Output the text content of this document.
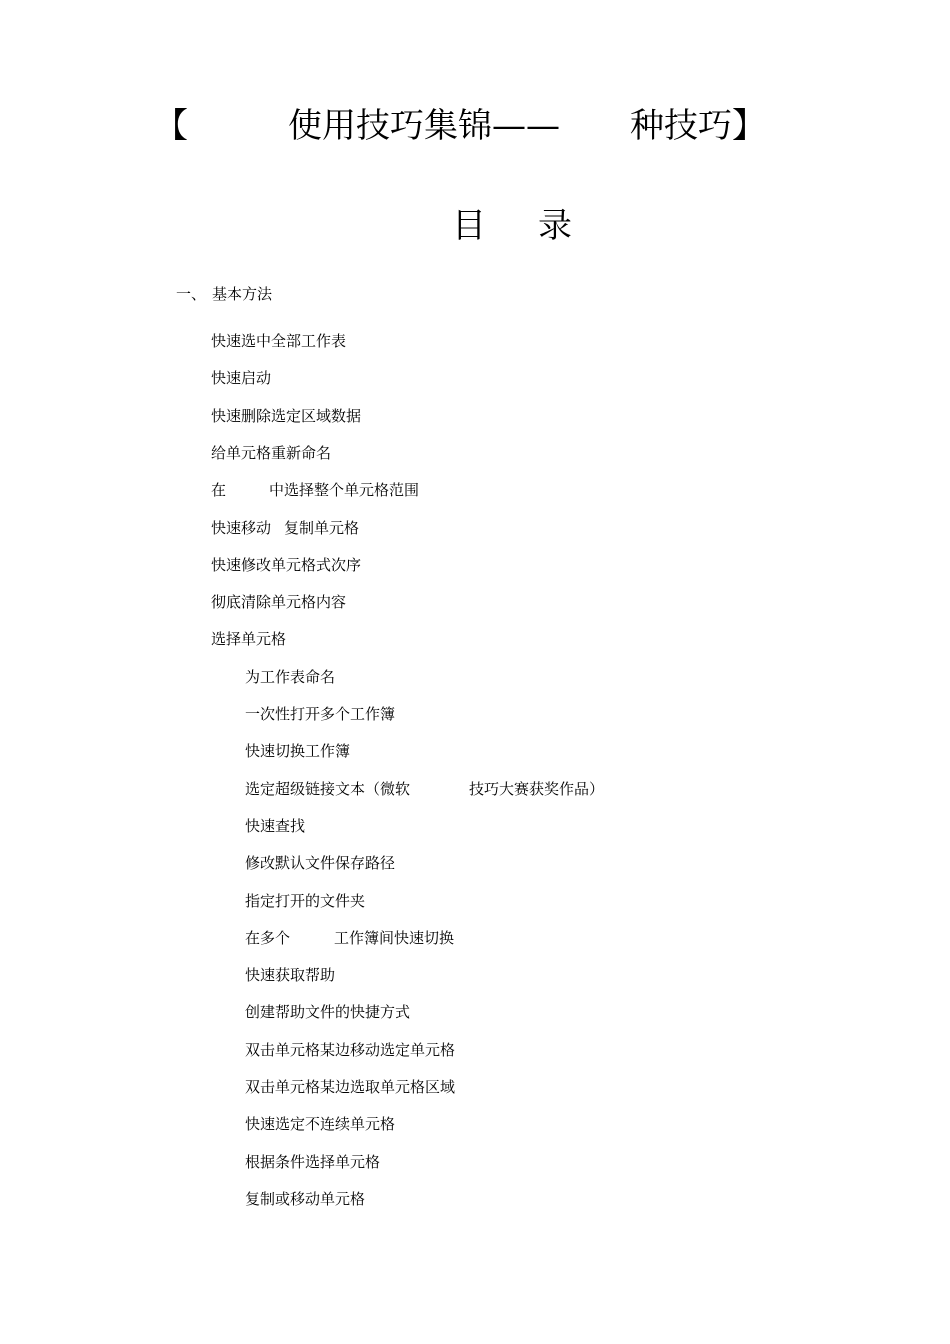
【	使用技巧集锦—— 种技巧】
目 录
一、 基本方法
快速选中全部工作表
快速启动
快速删除选定区域数据
给单元格重新命名
在	中选择整个单元格范围
快速移动 复制单元格
快速修改单元格式次序
彻底清除单元格内容
选择单元格
为工作表命名
一次性打开多个工作簿
快速切换工作簿
选定超级链接文本（微软	技巧大赛获奖作品）
快速查找
修改默认文件保存路径
指定打开的文件夹
在多个	工作簿间快速切换
快速获取帮助
创建帮助文件的快捷方式
双击单元格某边移动选定单元格
双击单元格某边选取单元格区域
快速选定不连续单元格
根据条件选择单元格
复制或移动单元格
